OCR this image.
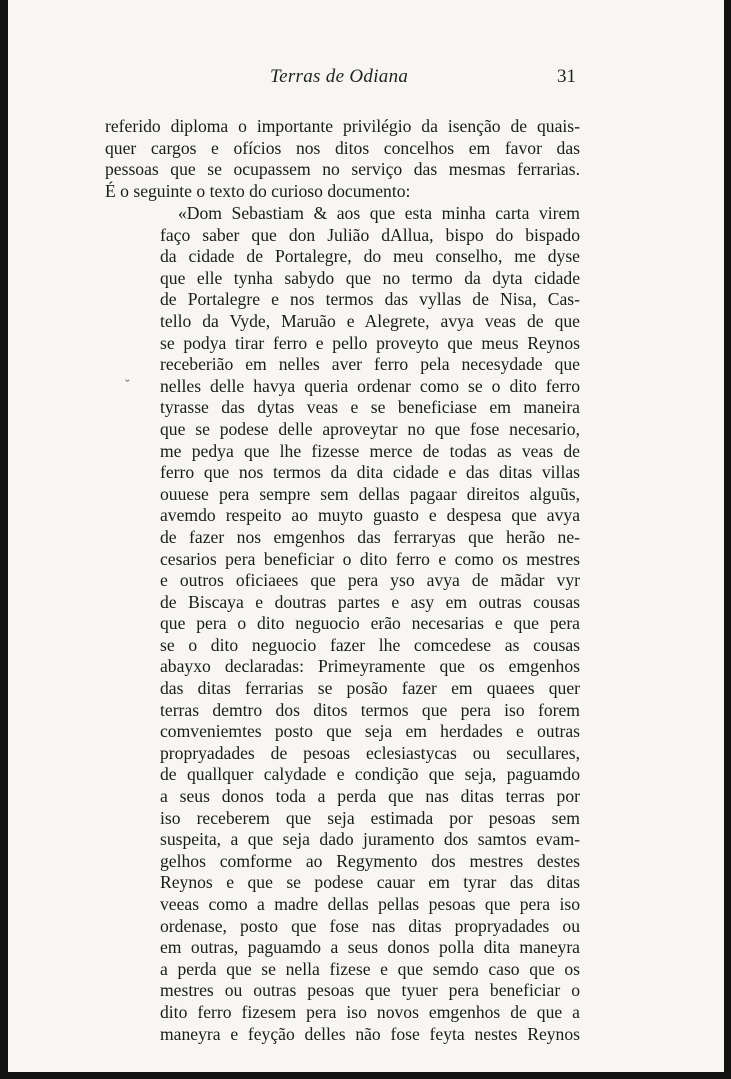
Terras de Odiana	31
referido diploma o importante privilégio da isenção de quais-
quer cargos e ofícios nos ditos concelhos em favor das
pessoas que se ocupassem no serviço das mesmas ferrarias.
É o seguinte o texto do curioso documento:
ˇ
«Dom Sebastiam & aos que esta minha carta virem
faço saber que don Julião dAllua, bispo do bispado
da cidade de Portalegre, do meu conselho, me dyse
que elle tynha sabydo que no termo da dyta cidade
de Portalegre e nos termos das vyllas de Nisa, Cas-
tello da Vyde, Maruão e Alegrete, avya veas de que
se podya tirar ferro e pello proveyto que meus Reynos
receberião em nelles aver ferro pela necesydade que
nelles delle havya queria ordenar como se o dito ferro
tyrasse das dytas veas e se beneficiase em maneira
que se podese delle aproveytar no que fose necesario,
me pedya que lhe fizesse merce de todas as veas de
ferro que nos termos da dita cidade e das ditas villas
ouuese pera sempre sem dellas pagaar direitos alguũs,
avemdo respeito ao muyto guasto e despesa que avya
de fazer nos emgenhos das ferraryas que herão ne-
cesarios pera beneficiar o dito ferro e como os mestres
e outros oficiaees que pera yso avya de mãdar vyr
de Biscaya e doutras partes e asy em outras cousas
que pera o dito neguocio erão necesarias e que pera
se o dito neguocio fazer lhe comcedese as cousas
abayxo declaradas: Primeyramente que os emgenhos
das ditas ferrarias se posão fazer em quaees quer
terras demtro dos ditos termos que pera iso forem
comveniemtes posto que seja em herdades e outras
propryadades de pesoas eclesiastycas ou secullares,
de quallquer calydade e condição que seja, paguamdo
a seus donos toda a perda que nas ditas terras por
iso receberem que seja estimada por pesoas sem
suspeita, a que seja dado juramento dos samtos evam-
gelhos comforme ao Regymento dos mestres destes
Reynos e que se podese cauar em tyrar das ditas
veeas como a madre dellas pellas pesoas que pera iso
ordenase, posto que fose nas ditas propryadades ou
em outras, paguamdo a seus donos polla dita maneyra
a perda que se nella fizese e que semdo caso que os
mestres ou outras pesoas que tyuer pera beneficiar o
dito ferro fizesem pera iso novos emgenhos de que a
maneyra e feyção delles não fose feyta nestes Reynos
